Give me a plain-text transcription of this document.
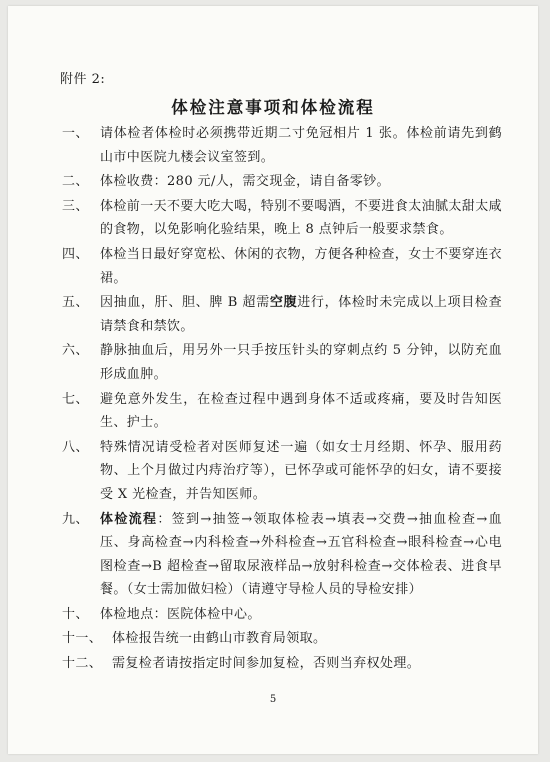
附件 2:
体检注意事项和体检流程
一、 请体检者体检时必须携带近期二寸免冠相片 1 张。体检前请先到鹤山市中医院九楼会议室签到。
二、 体检收费：280 元/人，需交现金，请自备零钞。
三、 体检前一天不要大吃大喝，特别不要喝酒，不要进食太油腻太甜太咸的食物，以免影响化验结果，晚上 8 点钟后一般要求禁食。
四、 体检当日最好穿宽松、休闲的衣物，方便各种检查，女士不要穿连衣裙。
五、 因抽血，肝、胆、脾 B 超需空腹进行，体检时未完成以上项目检查请禁食和禁饮。
六、 静脉抽血后，用另外一只手按压针头的穿刺点约 5 分钟，以防充血形成血肿。
七、 避免意外发生，在检查过程中遇到身体不适或疼痛，要及时告知医生、护士。
八、 特殊情况请受检者对医师复述一遍（如女士月经期、怀孕、服用药物、上个月做过内痔治疗等），已怀孕或可能怀孕的妇女，请不要接受 X 光检查，并告知医师。
九、 体检流程：签到→抽签→领取体检表→填表→交费→抽血检查→血压、身高检查→内科检查→外科检查→五官科检查→眼科检查→心电图检查→B 超检查→留取尿液样品→放射科检查→交体检表、进食早餐。（女士需加做妇检）（请遵守导检人员的导检安排）
十、 体检地点：医院体检中心。
十一、 体检报告统一由鹤山市教育局领取。
十二、 需复检者请按指定时间参加复检，否则当弃权处理。
5
